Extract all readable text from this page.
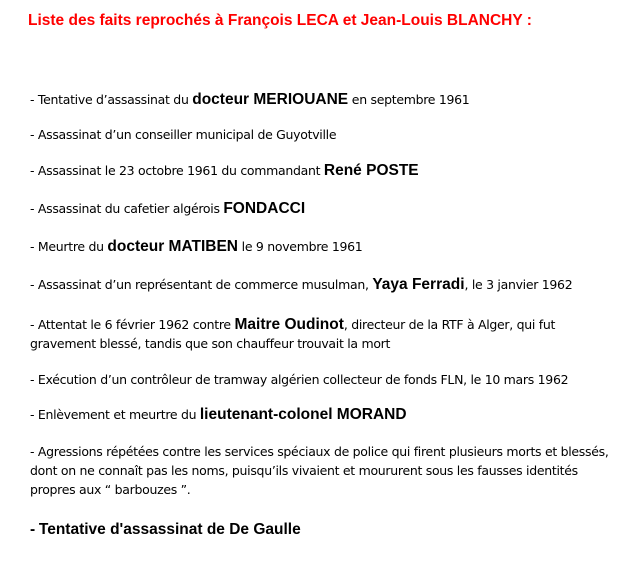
Liste des faits reprochés à François LECA et Jean-Louis BLANCHY :
- Tentative d’assassinat du docteur MERIOUANE en septembre 1961
- Assassinat d’un conseiller municipal de Guyotville
- Assassinat le 23 octobre 1961 du commandant René POSTE
- Assassinat du cafetier algérois FONDACCI
- Meurtre du docteur MATIBEN le 9 novembre 1961
- Assassinat d’un représentant de commerce musulman, Yaya Ferradi, le 3 janvier 1962
- Attentat le 6 février 1962 contre Maitre Oudinot, directeur de la RTF à Alger, qui fut gravement blessé, tandis que son chauffeur trouvait la mort
- Exécution d’un contrôleur de tramway algérien collecteur de fonds FLN, le 10 mars 1962
- Enlèvement et meurtre du lieutenant-colonel MORAND
- Agressions répétées contre les services spéciaux de police qui firent plusieurs morts et blessés, dont on ne connaît pas les noms, puisqu’ils vivaient et moururent sous les fausses identités propres aux “ barbouzes ”.
- Tentative d'assassinat de De Gaulle
